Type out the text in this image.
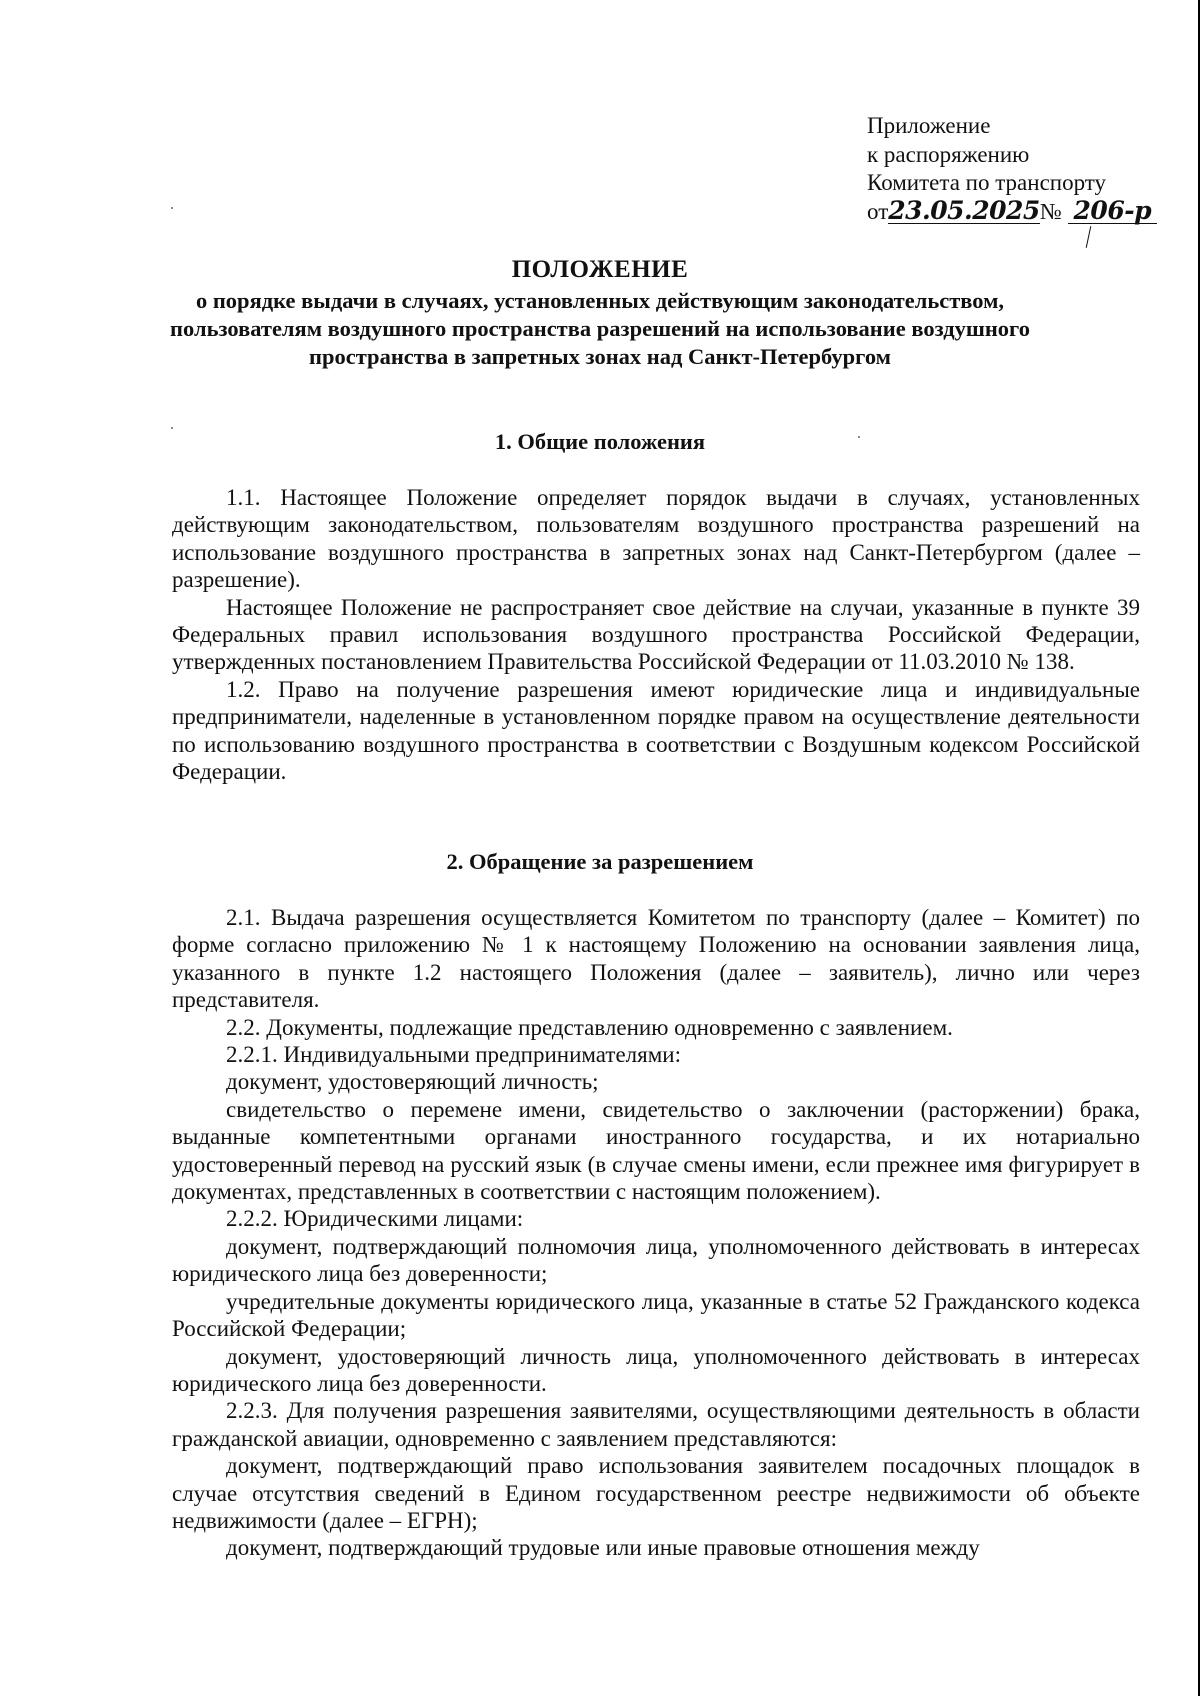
Приложение
к распоряжению
Комитета по транспорту
от23.05.2025№ 206-р
ПОЛОЖЕНИЕ
о порядке выдачи в случаях, установленных действующим законодательством,
пользователям воздушного пространства разрешений на использование воздушного
пространства в запретных зонах над Санкт-Петербургом
1. Общие положения

1.1. Настоящее Положение определяет порядок выдачи в случаях, установленных действующим законодательством, пользователям воздушного пространства разрешений на использование воздушного пространства в запретных зонах над Санкт-Петербургом (далее – разрешение).

Настоящее Положение не распространяет свое действие на случаи, указанные в пункте 39 Федеральных правил использования воздушного пространства Российской Федерации, утвержденных постановлением Правительства Российской Федерации от 11.03.2010 № 138.

1.2. Право на получение разрешения имеют юридические лица и индивидуальные предприниматели, наделенные в установленном порядке правом на осуществление деятельности по использованию воздушного пространства в соответствии с Воздушным кодексом Российской Федерации.

2. Обращение за разрешением

2.1. Выдача разрешения осуществляется Комитетом по транспорту (далее – Комитет) по форме согласно приложению № 1 к настоящему Положению на основании заявления лица, указанного в пункте 1.2 настоящего Положения (далее – заявитель), лично или через представителя.

2.2. Документы, подлежащие представлению одновременно с заявлением.

2.2.1. Индивидуальными предпринимателями:

документ, удостоверяющий личность;

свидетельство о перемене имени, свидетельство о заключении (расторжении) брака, выданные компетентными органами иностранного государства, и их нотариально удостоверенный перевод на русский язык (в случае смены имени, если прежнее имя фигурирует в документах, представленных в соответствии с настоящим положением).

2.2.2. Юридическими лицами:

документ, подтверждающий полномочия лица, уполномоченного действовать в интересах юридического лица без доверенности;

учредительные документы юридического лица, указанные в статье 52 Гражданского кодекса Российской Федерации;

документ, удостоверяющий личность лица, уполномоченного действовать в интересах юридического лица без доверенности.

2.2.3. Для получения разрешения заявителями, осуществляющими деятельность в области гражданской авиации, одновременно с заявлением представляются:

документ, подтверждающий право использования заявителем посадочных площадок в случае отсутствия сведений в Едином государственном реестре недвижимости об объекте недвижимости (далее – ЕГРН);

документ, подтверждающий трудовые или иные правовые отношения между
